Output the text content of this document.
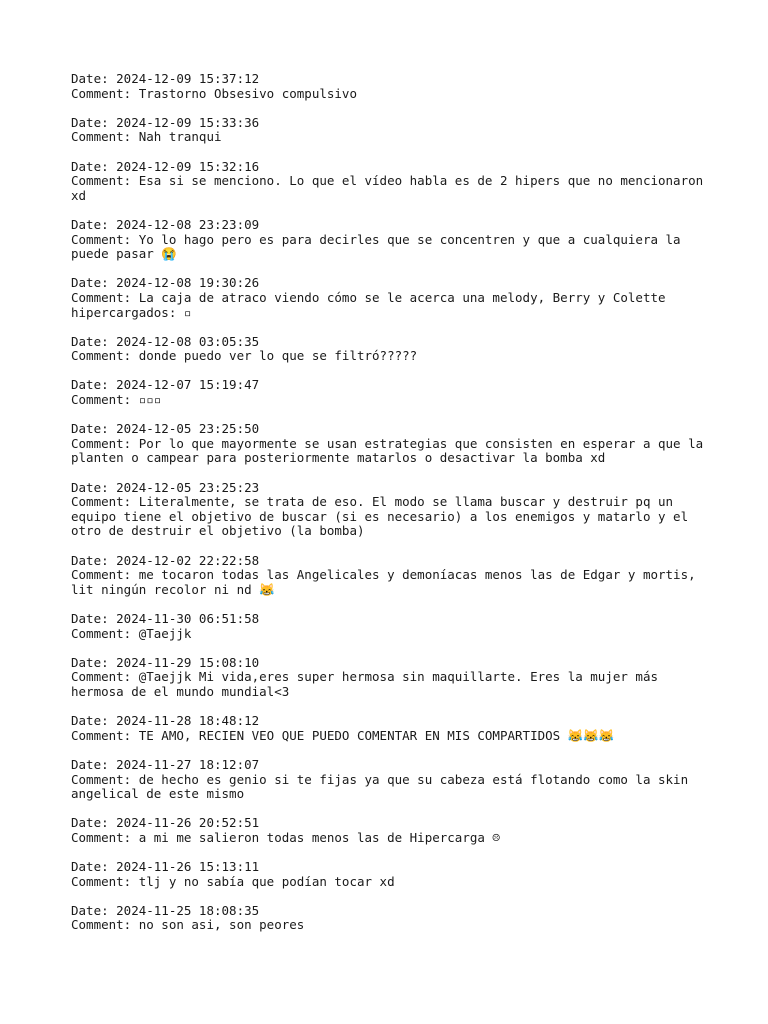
Date: 2024-12-09 15:37:12
Comment: Trastorno Obsesivo compulsivo
Date: 2024-12-09 15:33:36
Comment: Nah tranqui
Date: 2024-12-09 15:32:16
Comment: Esa si se menciono. Lo que el vídeo habla es de 2 hipers que no mencionaron xd
Date: 2024-12-08 23:23:09
Comment: Yo lo hago pero es para decirles que se concentren y que a cualquiera la puede pasar 😭
Date: 2024-12-08 19:30:26
Comment: La caja de atraco viendo cómo se le acerca una melody, Berry y Colette hipercargados: ▫
Date: 2024-12-08 03:05:35
Comment: donde puedo ver lo que se filtró?????
Date: 2024-12-07 15:19:47
Comment: ▫▫▫
Date: 2024-12-05 23:25:50
Comment: Por lo que mayormente se usan estrategias que consisten en esperar a que la planten o campear para posteriormente matarlos o desactivar la bomba xd
Date: 2024-12-05 23:25:23
Comment: Literalmente, se trata de eso. El modo se llama buscar y destruir pq un equipo tiene el objetivo de buscar (si es necesario) a los enemigos y matarlo y el otro de destruir el objetivo (la bomba)
Date: 2024-12-02 22:22:58
Comment: me tocaron todas las Angelicales y demoníacas menos las de Edgar y mortis, lit ningún recolor ni nd 😹
Date: 2024-11-30 06:51:58
Comment: @Taejjk
Date: 2024-11-29 15:08:10
Comment: @Taejjk Mi vida,eres super hermosa sin maquillarte. Eres la mujer más hermosa de el mundo mundial<3
Date: 2024-11-28 18:48:12
Comment: TE AMO, RECIEN VEO QUE PUEDO COMENTAR EN MIS COMPARTIDOS 😹😹😹
Date: 2024-11-27 18:12:07
Comment: de hecho es genio si te fijas ya que su cabeza está flotando como la skin angelical de este mismo
Date: 2024-11-26 20:52:51
Comment: a mi me salieron todas menos las de Hipercarga ☹
Date: 2024-11-26 15:13:11
Comment: tlj y no sabía que podían tocar xd
Date: 2024-11-25 18:08:35
Comment: no son asi, son peores
